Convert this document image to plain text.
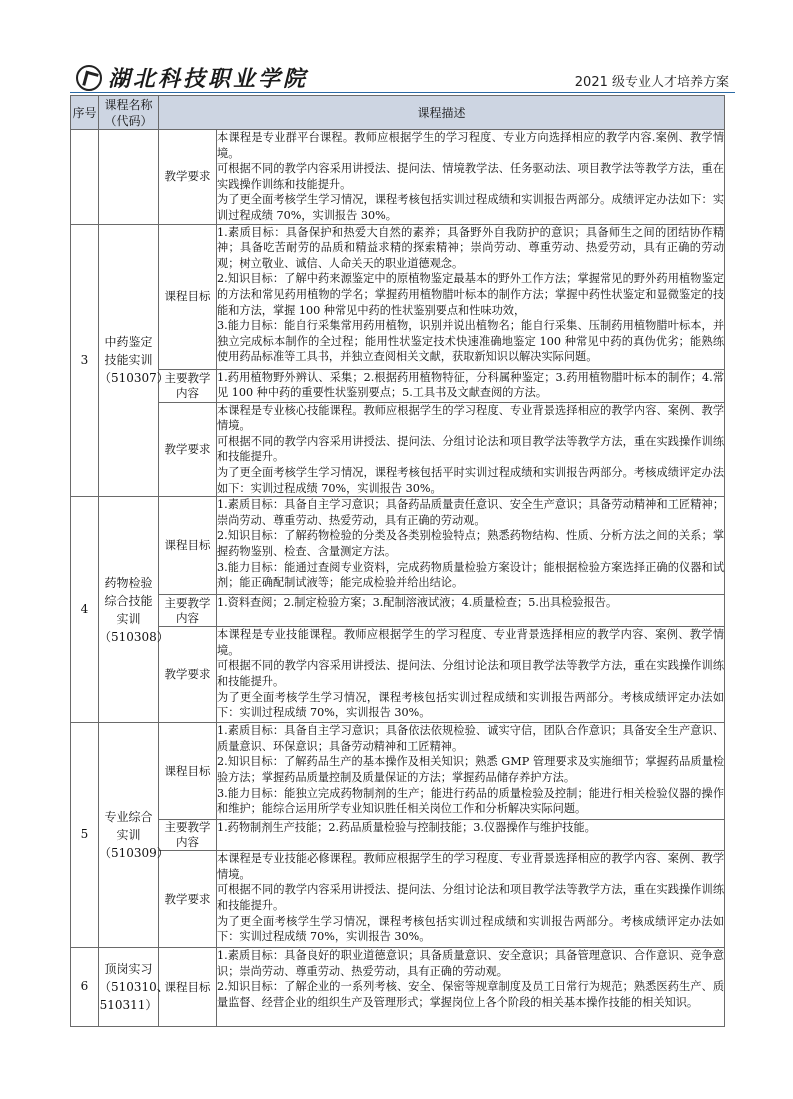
湖北科技职业学院	2021 级专业人才培养方案
序号	课程名称（代码）	课程描述	
		教学要求	本课程是专业群平台课程。教师应根据学生的学习程度、专业方向选择相应的教学内容.案例、教学情境。

可根据不同的教学内容采用讲授法、提问法、情境教学法、任务驱动法、项目教学法等教学方法，重在实践操作训练和技能提升。

为了更全面考核学生学习情况，课程考核包括实训过程成绩和实训报告两部分。成绩评定办法如下：实训过程成绩 70%，实训报告 30%。

3	中药鉴定技能实训（510307）	课程目标	1.素质目标：具备保护和热爱大自然的素养；具备野外自我防护的意识；具备师生之间的团结协作精神；具备吃苦耐劳的品质和精益求精的探索精神；崇尚劳动、尊重劳动、热爱劳动，具有正确的劳动观；树立敬业、诚信、人命关天的职业道德观念。

2.知识目标：了解中药来源鉴定中的原植物鉴定最基本的野外工作方法；掌握常见的野外药用植物鉴定的方法和常见药用植物的学名；掌握药用植物腊叶标本的制作方法；掌握中药性状鉴定和显微鉴定的技能和方法，掌握 100 种常见中药的性状鉴别要点和性味功效，

3.能力目标：能自行采集常用药用植物，识别并说出植物名；能自行采集、压制药用植物腊叶标本，并独立完成标本制作的全过程；能用性状鉴定技术快速准确地鉴定 100 种常见中药的真伪优劣；能熟练使用药品标准等工具书，并独立查阅相关文献，获取新知识以解决实际问题。

		主要教学内容	1.药用植物野外辨认、采集；2.根据药用植物特征，分科属种鉴定；3.药用植物腊叶标本的制作；4.常见 100 种中药的重要性状鉴别要点；5.工具书及文献查阅的方法。
		教学要求	本课程是专业核心技能课程。教师应根据学生的学习程度、专业背景选择相应的教学内容、案例、教学情境。

可根据不同的教学内容采用讲授法、提问法、分组讨论法和项目教学法等教学方法，重在实践操作训练和技能提升。

为了更全面考核学生学习情况，课程考核包括平时实训过程成绩和实训报告两部分。考核成绩评定办法如下：实训过程成绩 70%，实训报告 30%。

4	药物检验综合技能实训（510308）	课程目标	1.素质目标：具备自主学习意识；具备药品质量责任意识、安全生产意识；具备劳动精神和工匠精神；崇尚劳动、尊重劳动、热爱劳动，具有正确的劳动观。

2.知识目标：了解药物检验的分类及各类别检验特点；熟悉药物结构、性质、分析方法之间的关系；掌握药物鉴别、检查、含量测定方法。

3.能力目标：能通过查阅专业资料，完成药物质量检验方案设计；能根据检验方案选择正确的仪器和试剂；能正确配制试液等；能完成检验并给出结论。

		主要教学内容	1.资料查阅；2.制定检验方案；3.配制溶液试液；4.质量检查；5.出具检验报告。
		教学要求	本课程是专业技能课程。教师应根据学生的学习程度、专业背景选择相应的教学内容、案例、教学情境。

可根据不同的教学内容采用讲授法、提问法、分组讨论法和项目教学法等教学方法，重在实践操作训练和技能提升。

为了更全面考核学生学习情况，课程考核包括实训过程成绩和实训报告两部分。考核成绩评定办法如下：实训过程成绩 70%，实训报告 30%。

5	专业综合实训（510309）	课程目标	1.素质目标：具备自主学习意识；具备依法依规检验、诚实守信，团队合作意识；具备安全生产意识、质量意识、环保意识；具备劳动精神和工匠精神。

2.知识目标：了解药品生产的基本操作及相关知识；熟悉 GMP 管理要求及实施细节；掌握药品质量检验方法；掌握药品质量控制及质量保证的方法；掌握药品储存养护方法。

3.能力目标：能独立完成药物制剂的生产；能进行药品的质量检验及控制；能进行相关检验仪器的操作和维护；能综合运用所学专业知识胜任相关岗位工作和分析解决实际问题。

		主要教学内容	1.药物制剂生产技能；2.药品质量检验与控制技能；3.仪器操作与维护技能。
		教学要求	本课程是专业技能必修课程。教师应根据学生的学习程度、专业背景选择相应的教学内容、案例、教学情境。

可根据不同的教学内容采用讲授法、提问法、分组讨论法和项目教学法等教学方法，重在实践操作训练和技能提升。

为了更全面考核学生学习情况，课程考核包括实训过程成绩和实训报告两部分。考核成绩评定办法如下：实训过程成绩 70%，实训报告 30%。

6	顶岗实习（510310、510311）	课程目标	1.素质目标：具备良好的职业道德意识；具备质量意识、安全意识；具备管理意识、合作意识、竞争意识；崇尚劳动、尊重劳动、热爱劳动，具有正确的劳动观。

2.知识目标：了解企业的一系列考核、安全、保密等规章制度及员工日常行为规范；熟悉医药生产、质量监督、经营企业的组织生产及管理形式；掌握岗位上各个阶段的相关基本操作技能的相关知识。
